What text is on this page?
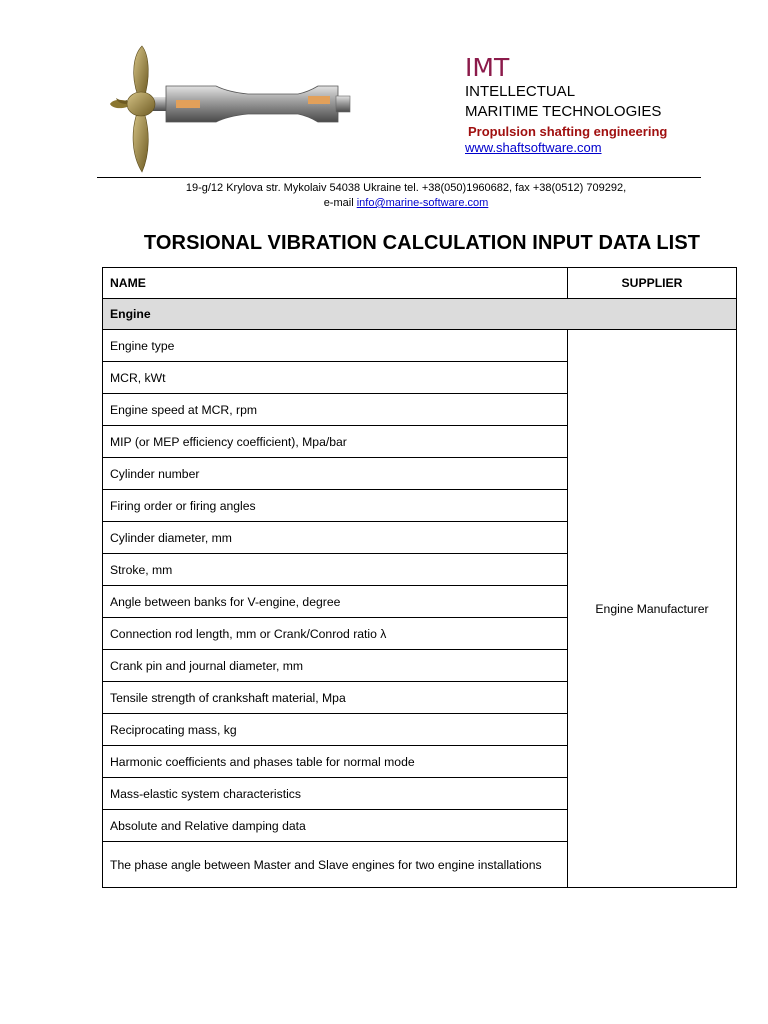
IMT
INTELLECTUAL
MARITIME TECHNOLOGIES
Propulsion shafting engineering
www.shaftsoftware.com
19-g/12 Krylova str. Mykolaiv 54038 Ukraine tel. +38(050)1960682, fax +38(0512) 709292,
e-mail info@marine-software.com
TORSIONAL VIBRATION CALCULATION INPUT DATA LIST
NAME	SUPPLIER
Engine	
Engine type	Engine Manufacturer
MCR, kWt	
Engine speed at MCR, rpm	
MIP (or MEP efficiency coefficient), Mpa/bar	
Cylinder number	
Firing order or firing angles	
Cylinder diameter, mm	
Stroke, mm	
Angle between banks for V-engine, degree	
Connection rod length, mm or Crank/Conrod ratio λ	
Crank pin and journal diameter, mm	
Tensile strength of crankshaft material, Mpa	
Reciprocating mass, kg	
Harmonic coefficients and phases table for normal mode	
Mass-elastic system characteristics	
Absolute and Relative damping data	
The phase angle between Master and Slave engines for two engine installations	
